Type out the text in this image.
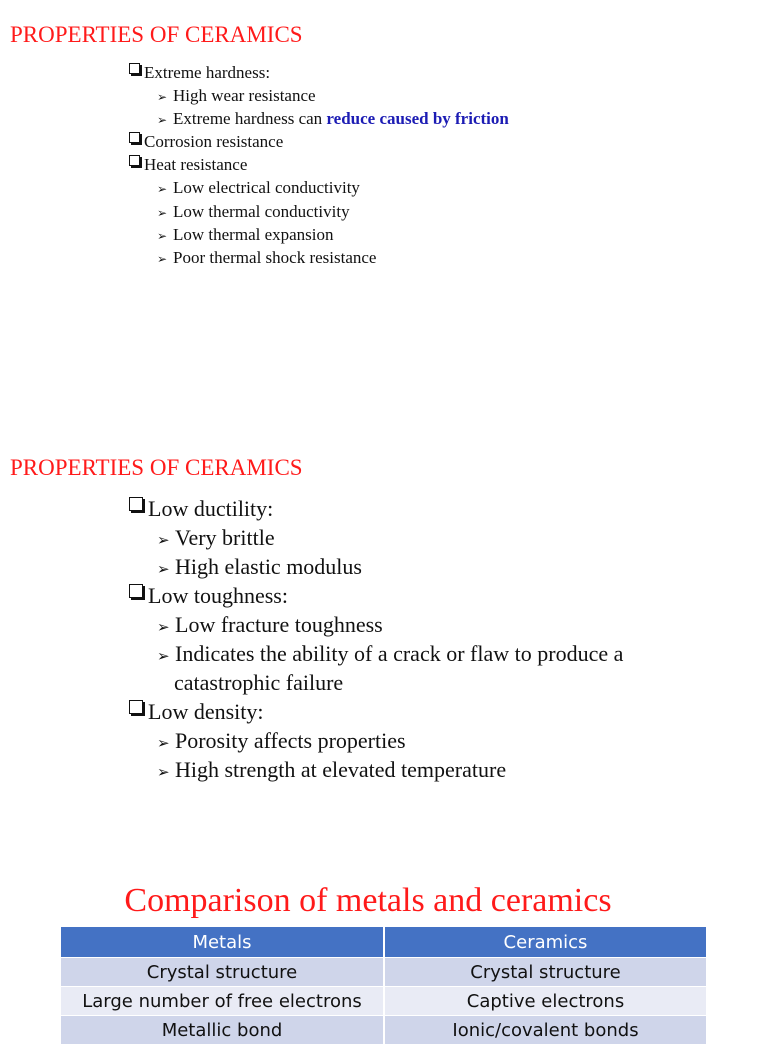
PROPERTIES OF CERAMICS
Extreme hardness:
➢ High wear resistance
➢ Extreme hardness can reduce caused by friction
Corrosion resistance
Heat resistance
➢ Low electrical conductivity
➢ Low thermal conductivity
➢ Low thermal expansion
➢ Poor thermal shock resistance
PROPERTIES OF CERAMICS
Low ductility:
➢ Very brittle
➢ High elastic modulus
Low toughness:
➢ Low fracture toughness
➢ Indicates the ability of a crack or flaw to produce a
catastrophic failure
Low density:
➢ Porosity affects properties
➢ High strength at elevated temperature
Comparison of metals and ceramics
Metals	Ceramics
Crystal structure	Crystal structure
Large number of free electrons	Captive electrons
Metallic bond	Ionic/covalent bonds
